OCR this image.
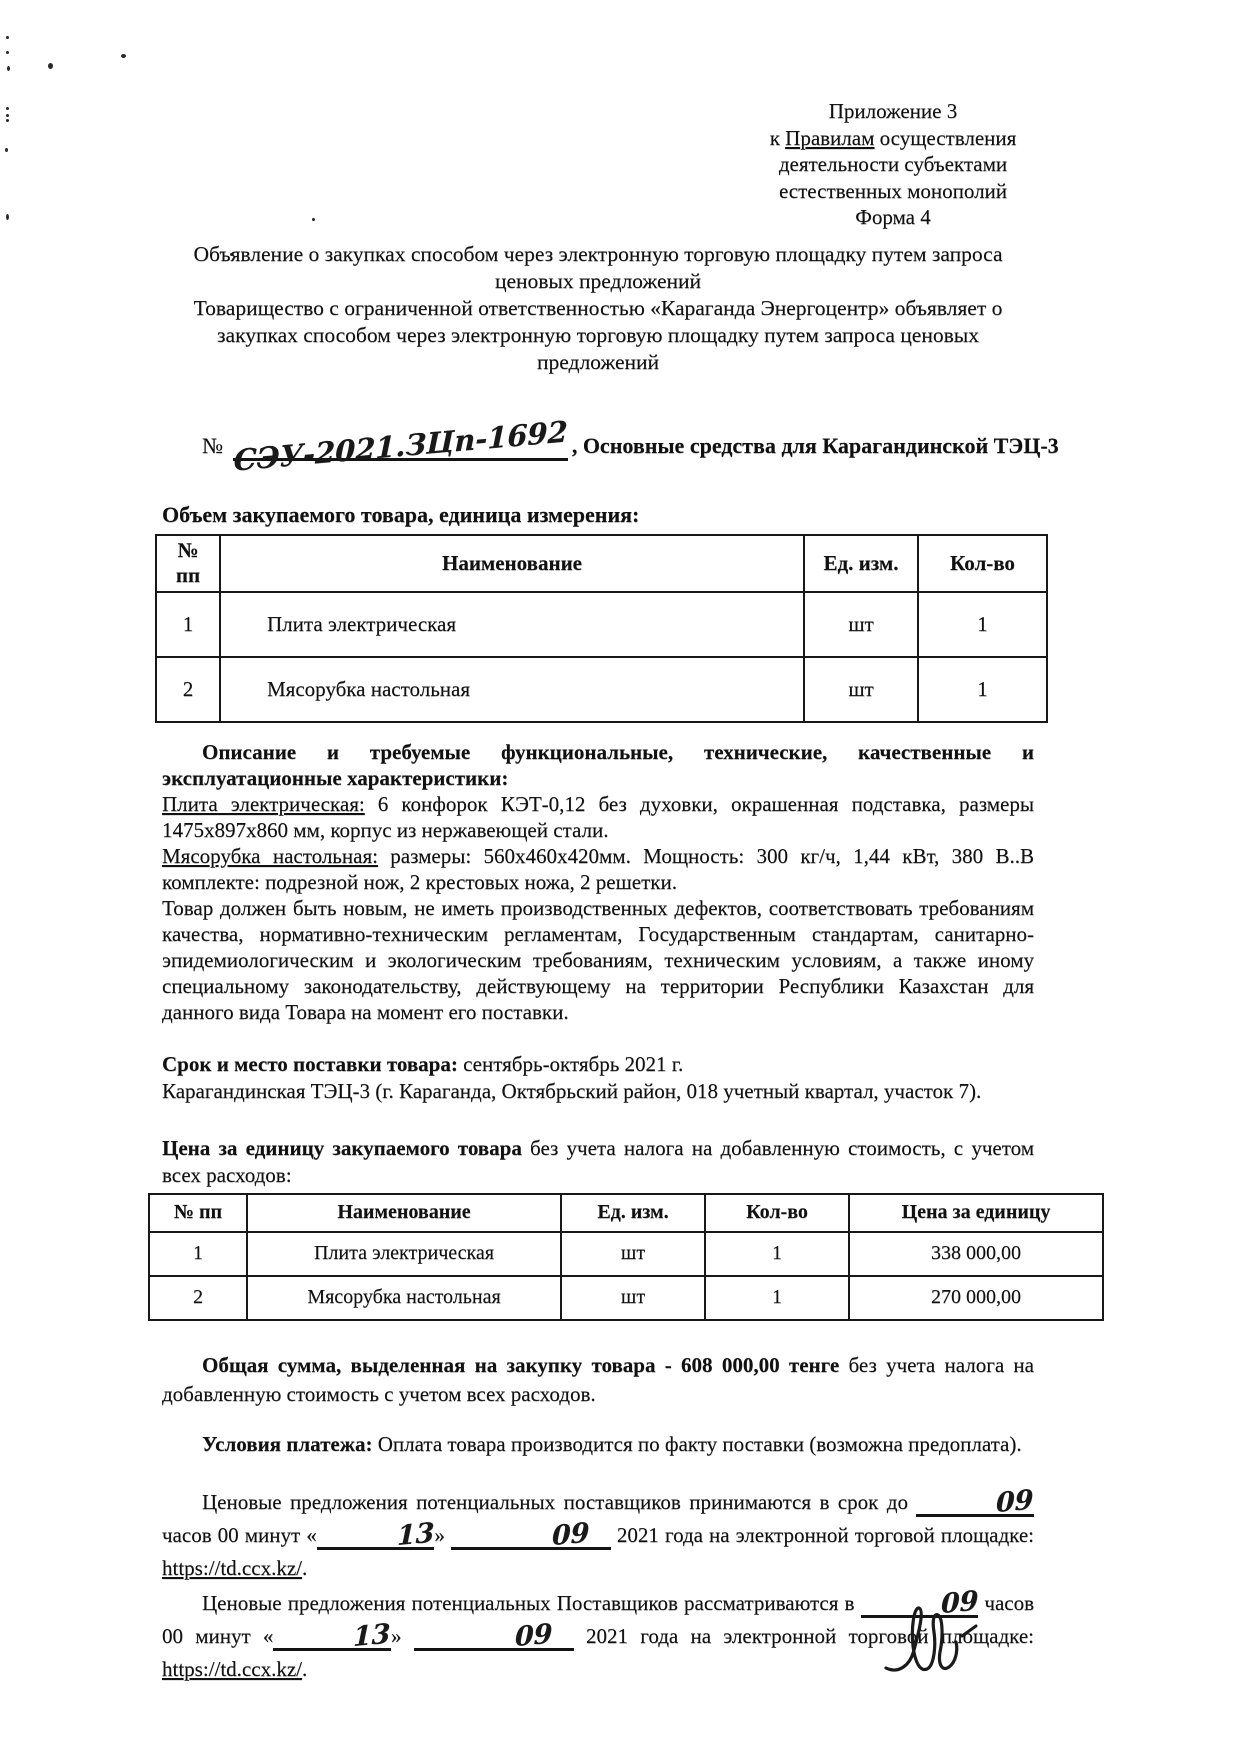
Приложение 3

к Правилам осуществления

деятельности субъектами

естественных монополий

Форма 4

Объявление о закупках способом через электронную торговую площадку путем запроса ценовых предложений

Товарищество с ограниченной ответственностью «Караганда Энергоцентр» объявляет о закупках способом через электронную торговую площадку путем запроса ценовых предложений

№ СЭУ-2021.ЗЦп-1692 , Основные средства для Карагандинской ТЭЦ-3

Объем закупаемого товара, единица измерения:

№ пп	Наименование	Ед. изм.	Кол-во
1	Плита электрическая	шт	1
2	Мясорубка настольная	шт	1

Описание и требуемые функциональные, технические, качественные и эксплуатационные характеристики:

Плита электрическая: 6 конфорок КЭТ-0,12 без духовки, окрашенная подставка, размеры 1475х897х860 мм, корпус из нержавеющей стали.

Мясорубка настольная: размеры: 560х460х420мм. Мощность: 300 кг/ч, 1,44 кВт, 380 В..В комплекте: подрезной нож, 2 крестовых ножа, 2 решетки.

Товар должен быть новым, не иметь производственных дефектов, соответствовать требованиям качества, нормативно-техническим регламентам, Государственным стандартам, санитарно-эпидемиологическим и экологическим требованиям, техническим условиям, а также иному специальному законодательству, действующему на территории Республики Казахстан для данного вида Товара на момент его поставки.

Срок и место поставки товара: сентябрь-октябрь 2021 г.

Карагандинская ТЭЦ-3 (г. Караганда, Октябрьский район, 018 учетный квартал, участок 7).

Цена за единицу закупаемого товара без учета налога на добавленную стоимость, с учетом всех расходов:

№ пп	Наименование	Ед. изм.	Кол-во	Цена за единицу
1	Плита электрическая	шт	1	338 000,00
2	Мясорубка настольная	шт	1	270 000,00

Общая сумма, выделенная на закупку товара - 608 000,00 тенге без учета налога на добавленную стоимость с учетом всех расходов.

Условия платежа: Оплата товара производится по факту поставки (возможна предоплата).

Ценовые предложения потенциальных поставщиков принимаются в срок до	09 часов 00 минут «	13»	09 2021 года на электронной торговой площадке: https://td.ccx.kz/.

Ценовые предложения потенциальных Поставщиков рассматриваются в	09 часов 00 минут «	13»	09 2021 года на электронной торговой площадке: https://td.ccx.kz/.
